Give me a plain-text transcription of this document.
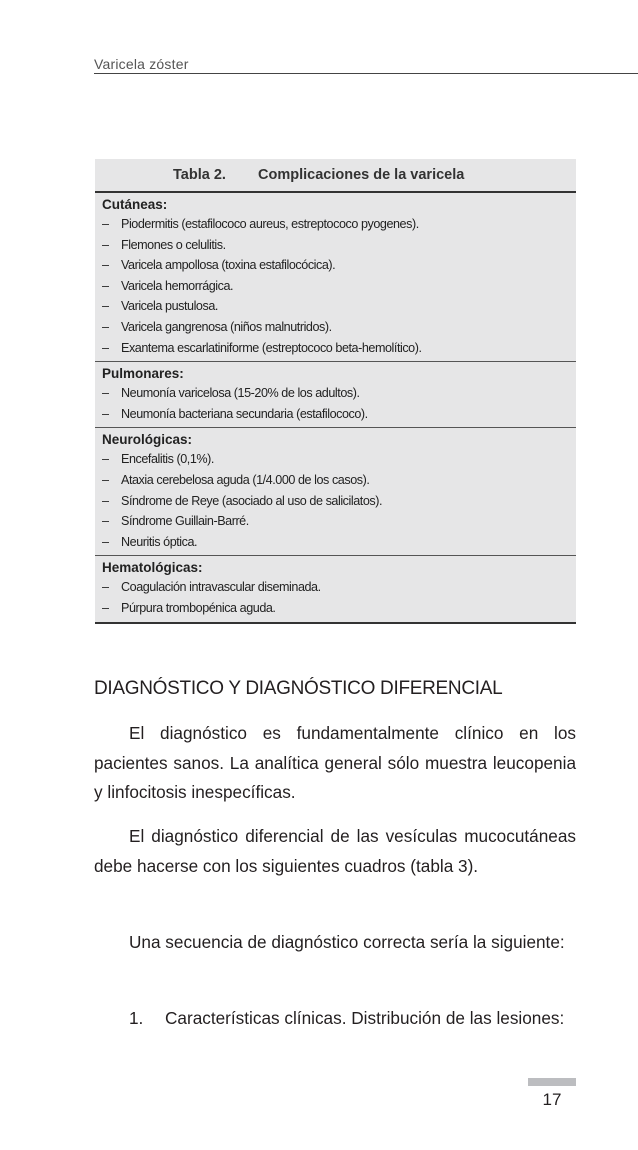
Varicela zóster
Tabla 2. Complicaciones de la varicela
Cutáneas:
– Piodermitis (estafilococo aureus, estreptococo pyogenes).
– Flemones o celulitis.
– Varicela ampollosa (toxina estafilocócica).
– Varicela hemorrágica.
– Varicela pustulosa.
– Varicela gangrenosa (niños malnutridos).
– Exantema escarlatiniforme (estreptococo beta-hemolítico).
Pulmonares:
– Neumonía varicelosa (15-20% de los adultos).
– Neumonía bacteriana secundaria (estafilococo).
Neurológicas:
– Encefalitis (0,1%).
– Ataxia cerebelosa aguda (1/4.000 de los casos).
– Síndrome de Reye (asociado al uso de salicilatos).
– Síndrome Guillain-Barré.
– Neuritis óptica.
Hematológicas:
– Coagulación intravascular diseminada.
– Púrpura trombopénica aguda.
DIAGNÓSTICO Y DIAGNÓSTICO DIFERENCIAL

El diagnóstico es fundamentalmente clínico en los pacientes sanos. La analítica general sólo muestra leucopenia y linfocitosis inespecíficas.

El diagnóstico diferencial de las vesículas mucocutáneas debe hacerse con los siguientes cuadros (tabla 3).

Una secuencia de diagnóstico correcta sería la siguiente:

1. Características clínicas. Distribución de las lesiones:
17
